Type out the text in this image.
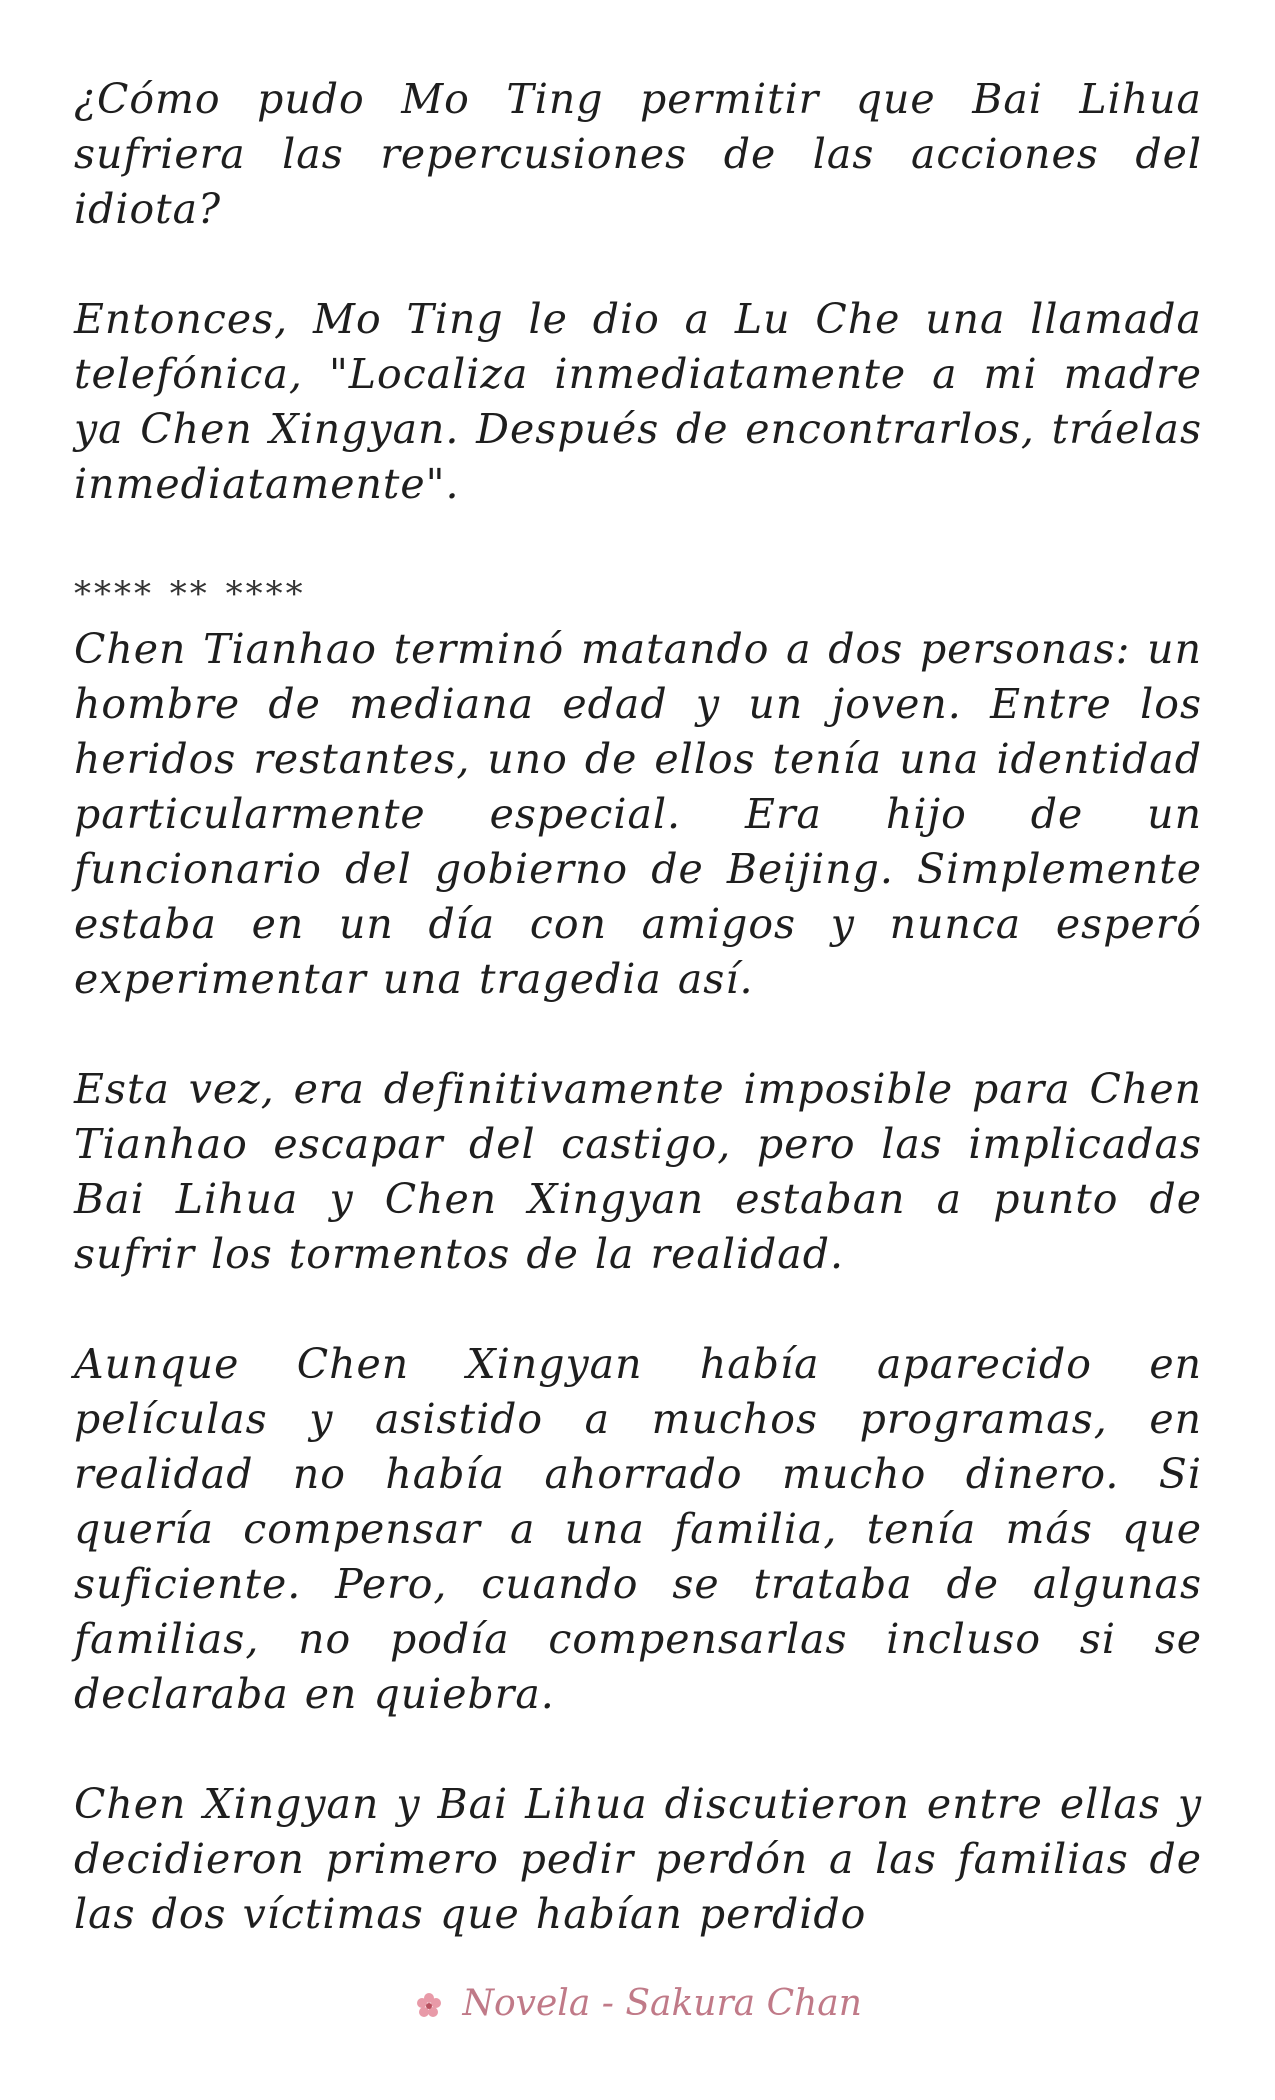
¿Cómo pudo Mo Ting permitir que Bai Lihua sufriera las repercusiones de las acciones del idiota?

Entonces, Mo Ting le dio a Lu Che una llamada telefónica, "Localiza inmediatamente a mi madre ya Chen Xingyan. Después de encontrarlos, tráelas inmediatamente".

**** ** ****

Chen Tianhao terminó matando a dos personas: un hombre de mediana edad y un joven. Entre los heridos restantes, uno de ellos tenía una identidad particularmente especial. Era hijo de un funcionario del gobierno de Beijing. Simplemente estaba en un día con amigos y nunca esperó experimentar una tragedia así.

Esta vez, era definitivamente imposible para Chen Tianhao escapar del castigo, pero las implicadas Bai Lihua y Chen Xingyan estaban a punto de sufrir los tormentos de la realidad.

Aunque Chen Xingyan había aparecido en películas y asistido a muchos programas, en realidad no había ahorrado mucho dinero. Si quería compensar a una familia, tenía más que suficiente. Pero, cuando se trataba de algunas familias, no podía compensarlas incluso si se declaraba en quiebra.

Chen Xingyan y Bai Lihua discutieron entre ellas y decidieron primero pedir perdón a las familias de las dos víctimas que habían perdido

Novela - Sakura Chan
